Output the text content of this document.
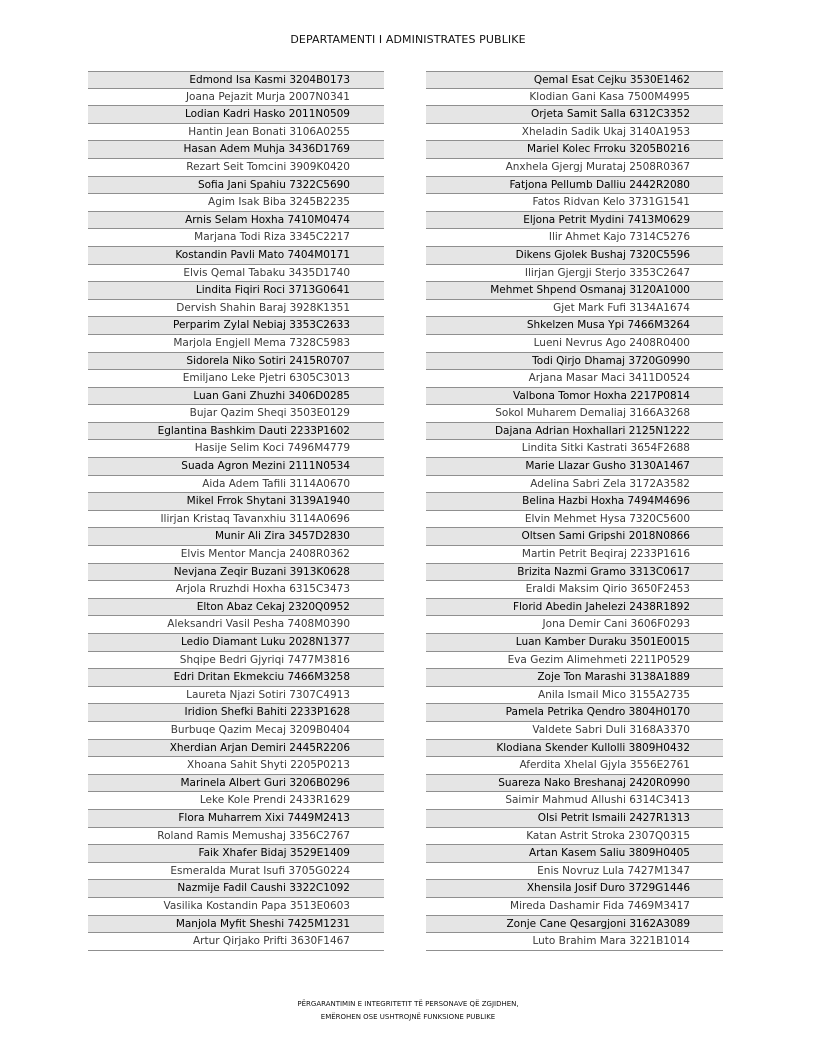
DEPARTAMENTI I ADMINISTRATES PUBLIKE
Edmond Isa Kasmi 3204B0173
Joana Pejazit Murja 2007N0341
Lodian Kadri Hasko 2011N0509
Hantin Jean Bonati 3106A0255
Hasan Adem Muhja 3436D1769
Rezart Seit Tomcini 3909K0420
Sofia Jani Spahiu 7322C5690
Agim Isak Biba 3245B2235
Arnis Selam Hoxha 7410M0474
Marjana Todi Riza 3345C2217
Kostandin Pavli Mato 7404M0171
Elvis Qemal Tabaku 3435D1740
Lindita Fiqiri Roci 3713G0641
Dervish Shahin Baraj 3928K1351
Perparim Zylal Nebiaj 3353C2633
Marjola Engjell Mema 7328C5983
Sidorela Niko Sotiri 2415R0707
Emiljano Leke Pjetri 6305C3013
Luan Gani Zhuzhi 3406D0285
Bujar Qazim Sheqi 3503E0129
Eglantina Bashkim Dauti 2233P1602
Hasije Selim Koci 7496M4779
Suada Agron Mezini 2111N0534
Aida Adem Tafili 3114A0670
Mikel Frrok Shytani 3139A1940
Ilirjan Kristaq Tavanxhiu 3114A0696
Munir Ali Zira 3457D2830
Elvis Mentor Mancja 2408R0362
Nevjana Zeqir Buzani 3913K0628
Arjola Rruzhdi Hoxha 6315C3473
Elton Abaz Cekaj 2320Q0952
Aleksandri Vasil Pesha 7408M0390
Ledio Diamant Luku 2028N1377
Shqipe Bedri Gjyriqi 7477M3816
Edri Dritan Ekmekciu 7466M3258
Laureta Njazi Sotiri 7307C4913
Iridion Shefki Bahiti 2233P1628
Burbuqe Qazim Mecaj 3209B0404
Xherdian Arjan Demiri 2445R2206
Xhoana Sahit Shyti 2205P0213
Marinela Albert Guri 3206B0296
Leke Kole Prendi 2433R1629
Flora Muharrem Xixi 7449M2413
Roland Ramis Memushaj 3356C2767
Faik Xhafer Bidaj 3529E1409
Esmeralda Murat Isufi 3705G0224
Nazmije Fadil Caushi 3322C1092
Vasilika Kostandin Papa 3513E0603
Manjola Myfit Sheshi 7425M1231
Artur Qirjako Prifti 3630F1467
Qemal Esat Cejku 3530E1462
Klodian Gani Kasa 7500M4995
Orjeta Samit Salla 6312C3352
Xheladin Sadik Ukaj 3140A1953
Mariel Kolec Frroku 3205B0216
Anxhela Gjergj Murataj 2508R0367
Fatjona Pellumb Dalliu 2442R2080
Fatos Ridvan Kelo 3731G1541
Eljona Petrit Mydini 7413M0629
Ilir Ahmet Kajo 7314C5276
Dikens Gjolek Bushaj 7320C5596
Ilirjan Gjergji Sterjo 3353C2647
Mehmet Shpend Osmanaj 3120A1000
Gjet Mark Fufi 3134A1674
Shkelzen Musa Ypi 7466M3264
Lueni Nevrus Ago 2408R0400
Todi Qirjo Dhamaj 3720G0990
Arjana Masar Maci 3411D0524
Valbona Tomor Hoxha 2217P0814
Sokol Muharem Demaliaj 3166A3268
Dajana Adrian Hoxhallari 2125N1222
Lindita Sitki Kastrati 3654F2688
Marie Llazar Gusho 3130A1467
Adelina Sabri Zela 3172A3582
Belina Hazbi Hoxha 7494M4696
Elvin Mehmet Hysa 7320C5600
Oltsen Sami Gripshi 2018N0866
Martin Petrit Beqiraj 2233P1616
Brizita Nazmi Gramo 3313C0617
Eraldi Maksim Qirio 3650F2453
Florid Abedin Jahelezi 2438R1892
Jona Demir Cani 3606F0293
Luan Kamber Duraku 3501E0015
Eva Gezim Alimehmeti 2211P0529
Zoje Ton Marashi 3138A1889
Anila Ismail Mico 3155A2735
Pamela Petrika Qendro 3804H0170
Valdete Sabri Duli 3168A3370
Klodiana Skender Kullolli 3809H0432
Aferdita Xhelal Gjyla 3556E2761
Suareza Nako Breshanaj 2420R0990
Saimir Mahmud Allushi 6314C3413
Olsi Petrit Ismaili 2427R1313
Katan Astrit Stroka 2307Q0315
Artan Kasem Saliu 3809H0405
Enis Novruz Lula 7427M1347
Xhensila Josif Duro 3729G1446
Mireda Dashamir Fida 7469M3417
Zonje Cane Qesargjoni 3162A3089
Luto Brahim Mara 3221B1014
PËRGARANTIMIN E INTEGRITETIT TË PERSONAVE QË ZGJIDHEN,
EMËROHEN OSE USHTROJNË FUNKSIONE PUBLIKE
